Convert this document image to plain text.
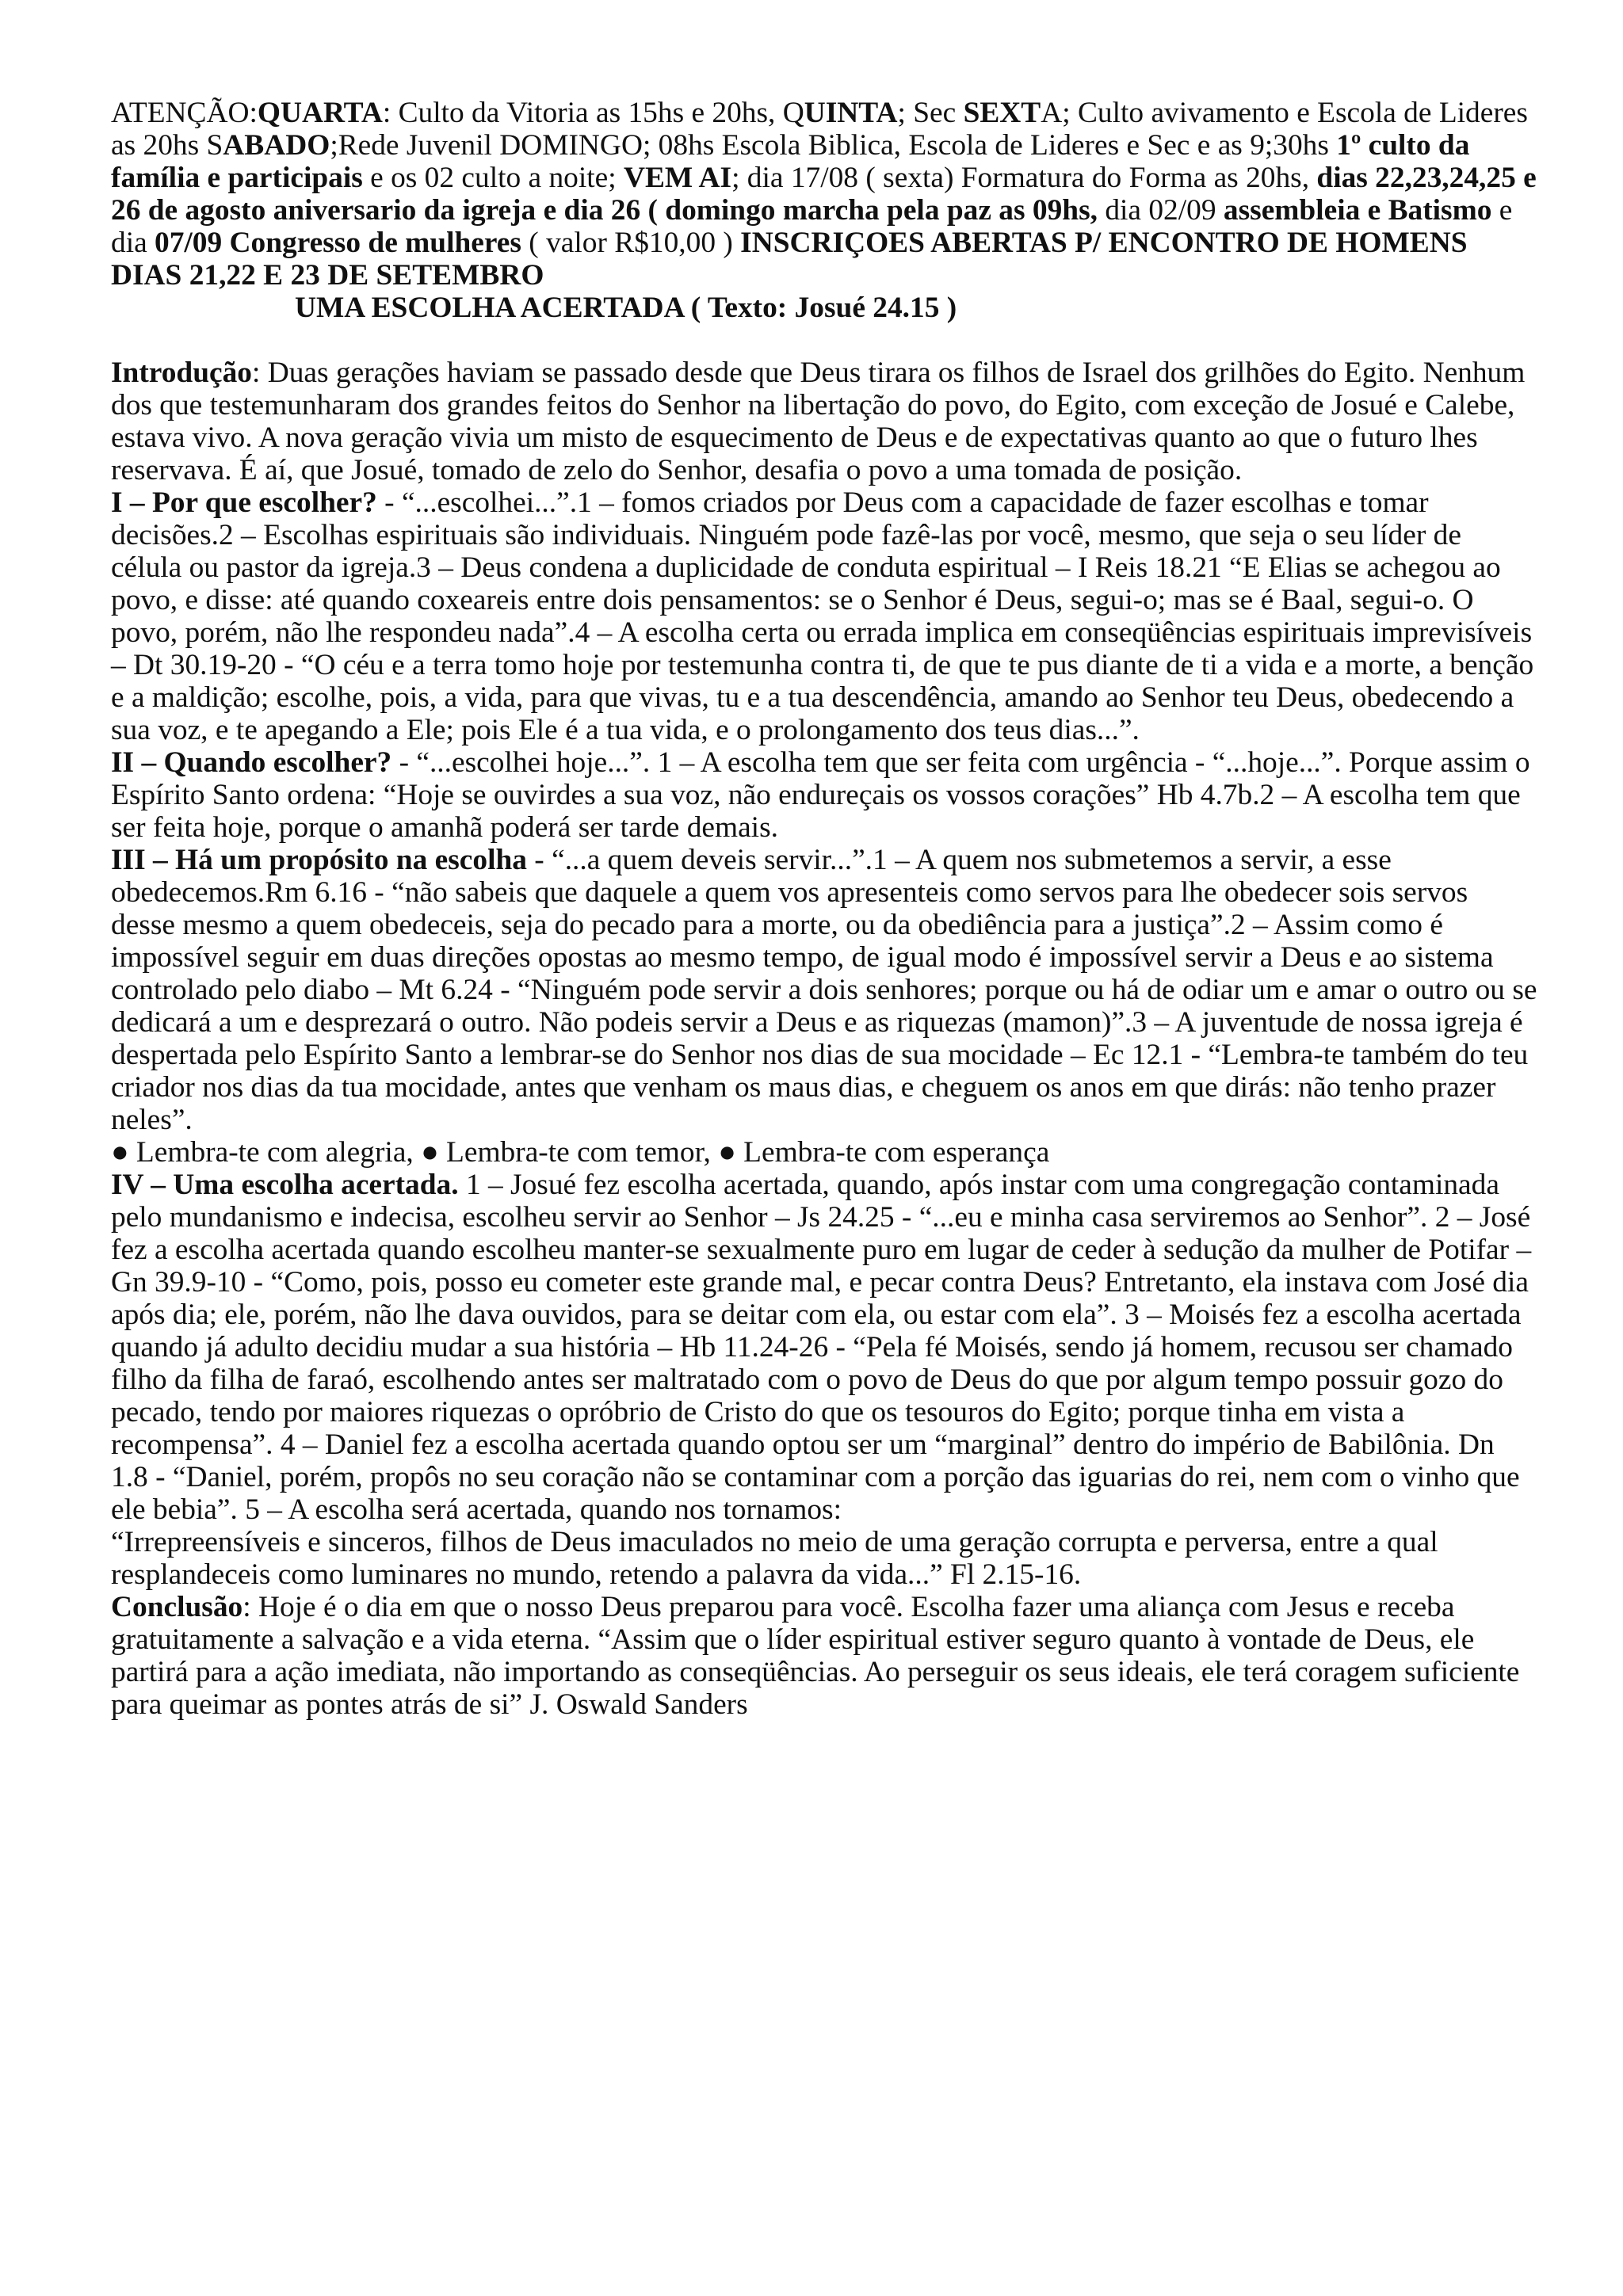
ATENÇÃO:QUARTA: Culto da Vitoria as 15hs e 20hs, QUINTA; Sec SEXTA; Culto avivamento e Escola de Lideres as 20hs SABADO;Rede Juvenil DOMINGO; 08hs Escola Biblica, Escola de Lideres e Sec e as 9;30hs 1º culto da família e participais e os 02 culto a noite; VEM AI; dia 17/08 ( sexta) Formatura do Forma as 20hs, dias 22,23,24,25 e 26 de agosto aniversario da igreja e dia 26 ( domingo marcha pela paz as 09hs, dia 02/09 assembleia e Batismo e dia 07/09 Congresso de mulheres ( valor R$10,00 ) INSCRIÇOES ABERTAS P/ ENCONTRO DE HOMENS DIAS 21,22 E 23 DE SETEMBRO

UMA ESCOLHA ACERTADA ( Texto: Josué 24.15 )

Introdução: Duas gerações haviam se passado desde que Deus tirara os filhos de Israel dos grilhões do Egito. Nenhum dos que testemunharam dos grandes feitos do Senhor na libertação do povo, do Egito, com exceção de Josué e Calebe, estava vivo. A nova geração vivia um misto de esquecimento de Deus e de expectativas quanto ao que o futuro lhes reservava. É aí, que Josué, tomado de zelo do Senhor, desafia o povo a uma tomada de posição.

I – Por que escolher? - “...escolhei...”.1 – fomos criados por Deus com a capacidade de fazer escolhas e tomar decisões.2 – Escolhas espirituais são individuais. Ninguém pode fazê-las por você, mesmo, que seja o seu líder de célula ou pastor da igreja.3 – Deus condena a duplicidade de conduta espiritual – I Reis 18.21 “E Elias se achegou ao povo, e disse: até quando coxeareis entre dois pensamentos: se o Senhor é Deus, segui-o; mas se é Baal, segui-o. O povo, porém, não lhe respondeu nada”.4 – A escolha certa ou errada implica em conseqüências espirituais imprevisíveis – Dt 30.19-20 - “O céu e a terra tomo hoje por testemunha contra ti, de que te pus diante de ti a vida e a morte, a benção e a maldição; escolhe, pois, a vida, para que vivas, tu e a tua descendência, amando ao Senhor teu Deus, obedecendo a sua voz, e te apegando a Ele; pois Ele é a tua vida, e o prolongamento dos teus dias...”.

II – Quando escolher? - “...escolhei hoje...”. 1 – A escolha tem que ser feita com urgência - “...hoje...”. Porque assim o Espírito Santo ordena: “Hoje se ouvirdes a sua voz, não endureçais os vossos corações” Hb 4.7b.2 – A escolha tem que ser feita hoje, porque o amanhã poderá ser tarde demais.

III – Há um propósito na escolha - “...a quem deveis servir...”.1 – A quem nos submetemos a servir, a esse obedecemos.Rm 6.16 - “não sabeis que daquele a quem vos apresenteis como servos para lhe obedecer sois servos desse mesmo a quem obedeceis, seja do pecado para a morte, ou da obediência para a justiça”.2 – Assim como é impossível seguir em duas direções opostas ao mesmo tempo, de igual modo é impossível servir a Deus e ao sistema controlado pelo diabo – Mt 6.24 - “Ninguém pode servir a dois senhores; porque ou há de odiar um e amar o outro ou se dedicará a um e desprezará o outro. Não podeis servir a Deus e as riquezas (mamon)”.3 – A juventude de nossa igreja é despertada pelo Espírito Santo a lembrar-se do Senhor nos dias de sua mocidade – Ec 12.1 - “Lembra-te também do teu criador nos dias da tua mocidade, antes que venham os maus dias, e cheguem os anos em que dirás: não tenho prazer neles”.

● Lembra-te com alegria, ● Lembra-te com temor, ● Lembra-te com esperança

IV – Uma escolha acertada. 1 – Josué fez escolha acertada, quando, após instar com uma congregação contaminada pelo mundanismo e indecisa, escolheu servir ao Senhor – Js 24.25 - “...eu e minha casa serviremos ao Senhor”. 2 – José fez a escolha acertada quando escolheu manter-se sexualmente puro em lugar de ceder à sedução da mulher de Potifar – Gn 39.9-10 - “Como, pois, posso eu cometer este grande mal, e pecar contra Deus? Entretanto, ela instava com José dia após dia; ele, porém, não lhe dava ouvidos, para se deitar com ela, ou estar com ela”. 3 – Moisés fez a escolha acertada quando já adulto decidiu mudar a sua história – Hb 11.24-26 - “Pela fé Moisés, sendo já homem, recusou ser chamado filho da filha de faraó, escolhendo antes ser maltratado com o povo de Deus do que por algum tempo possuir gozo do pecado, tendo por maiores riquezas o opróbrio de Cristo do que os tesouros do Egito; porque tinha em vista a recompensa”. 4 – Daniel fez a escolha acertada quando optou ser um “marginal” dentro do império de Babilônia. Dn 1.8 - “Daniel, porém, propôs no seu coração não se contaminar com a porção das iguarias do rei, nem com o vinho que ele bebia”. 5 – A escolha será acertada, quando nos tornamos:

“Irrepreensíveis e sinceros, filhos de Deus imaculados no meio de uma geração corrupta e perversa, entre a qual resplandeceis como luminares no mundo, retendo a palavra da vida...” Fl 2.15-16.

Conclusão: Hoje é o dia em que o nosso Deus preparou para você. Escolha fazer uma aliança com Jesus e receba gratuitamente a salvação e a vida eterna. “Assim que o líder espiritual estiver seguro quanto à vontade de Deus, ele partirá para a ação imediata, não importando as conseqüências. Ao perseguir os seus ideais, ele terá coragem suficiente para queimar as pontes atrás de si” J. Oswald Sanders
